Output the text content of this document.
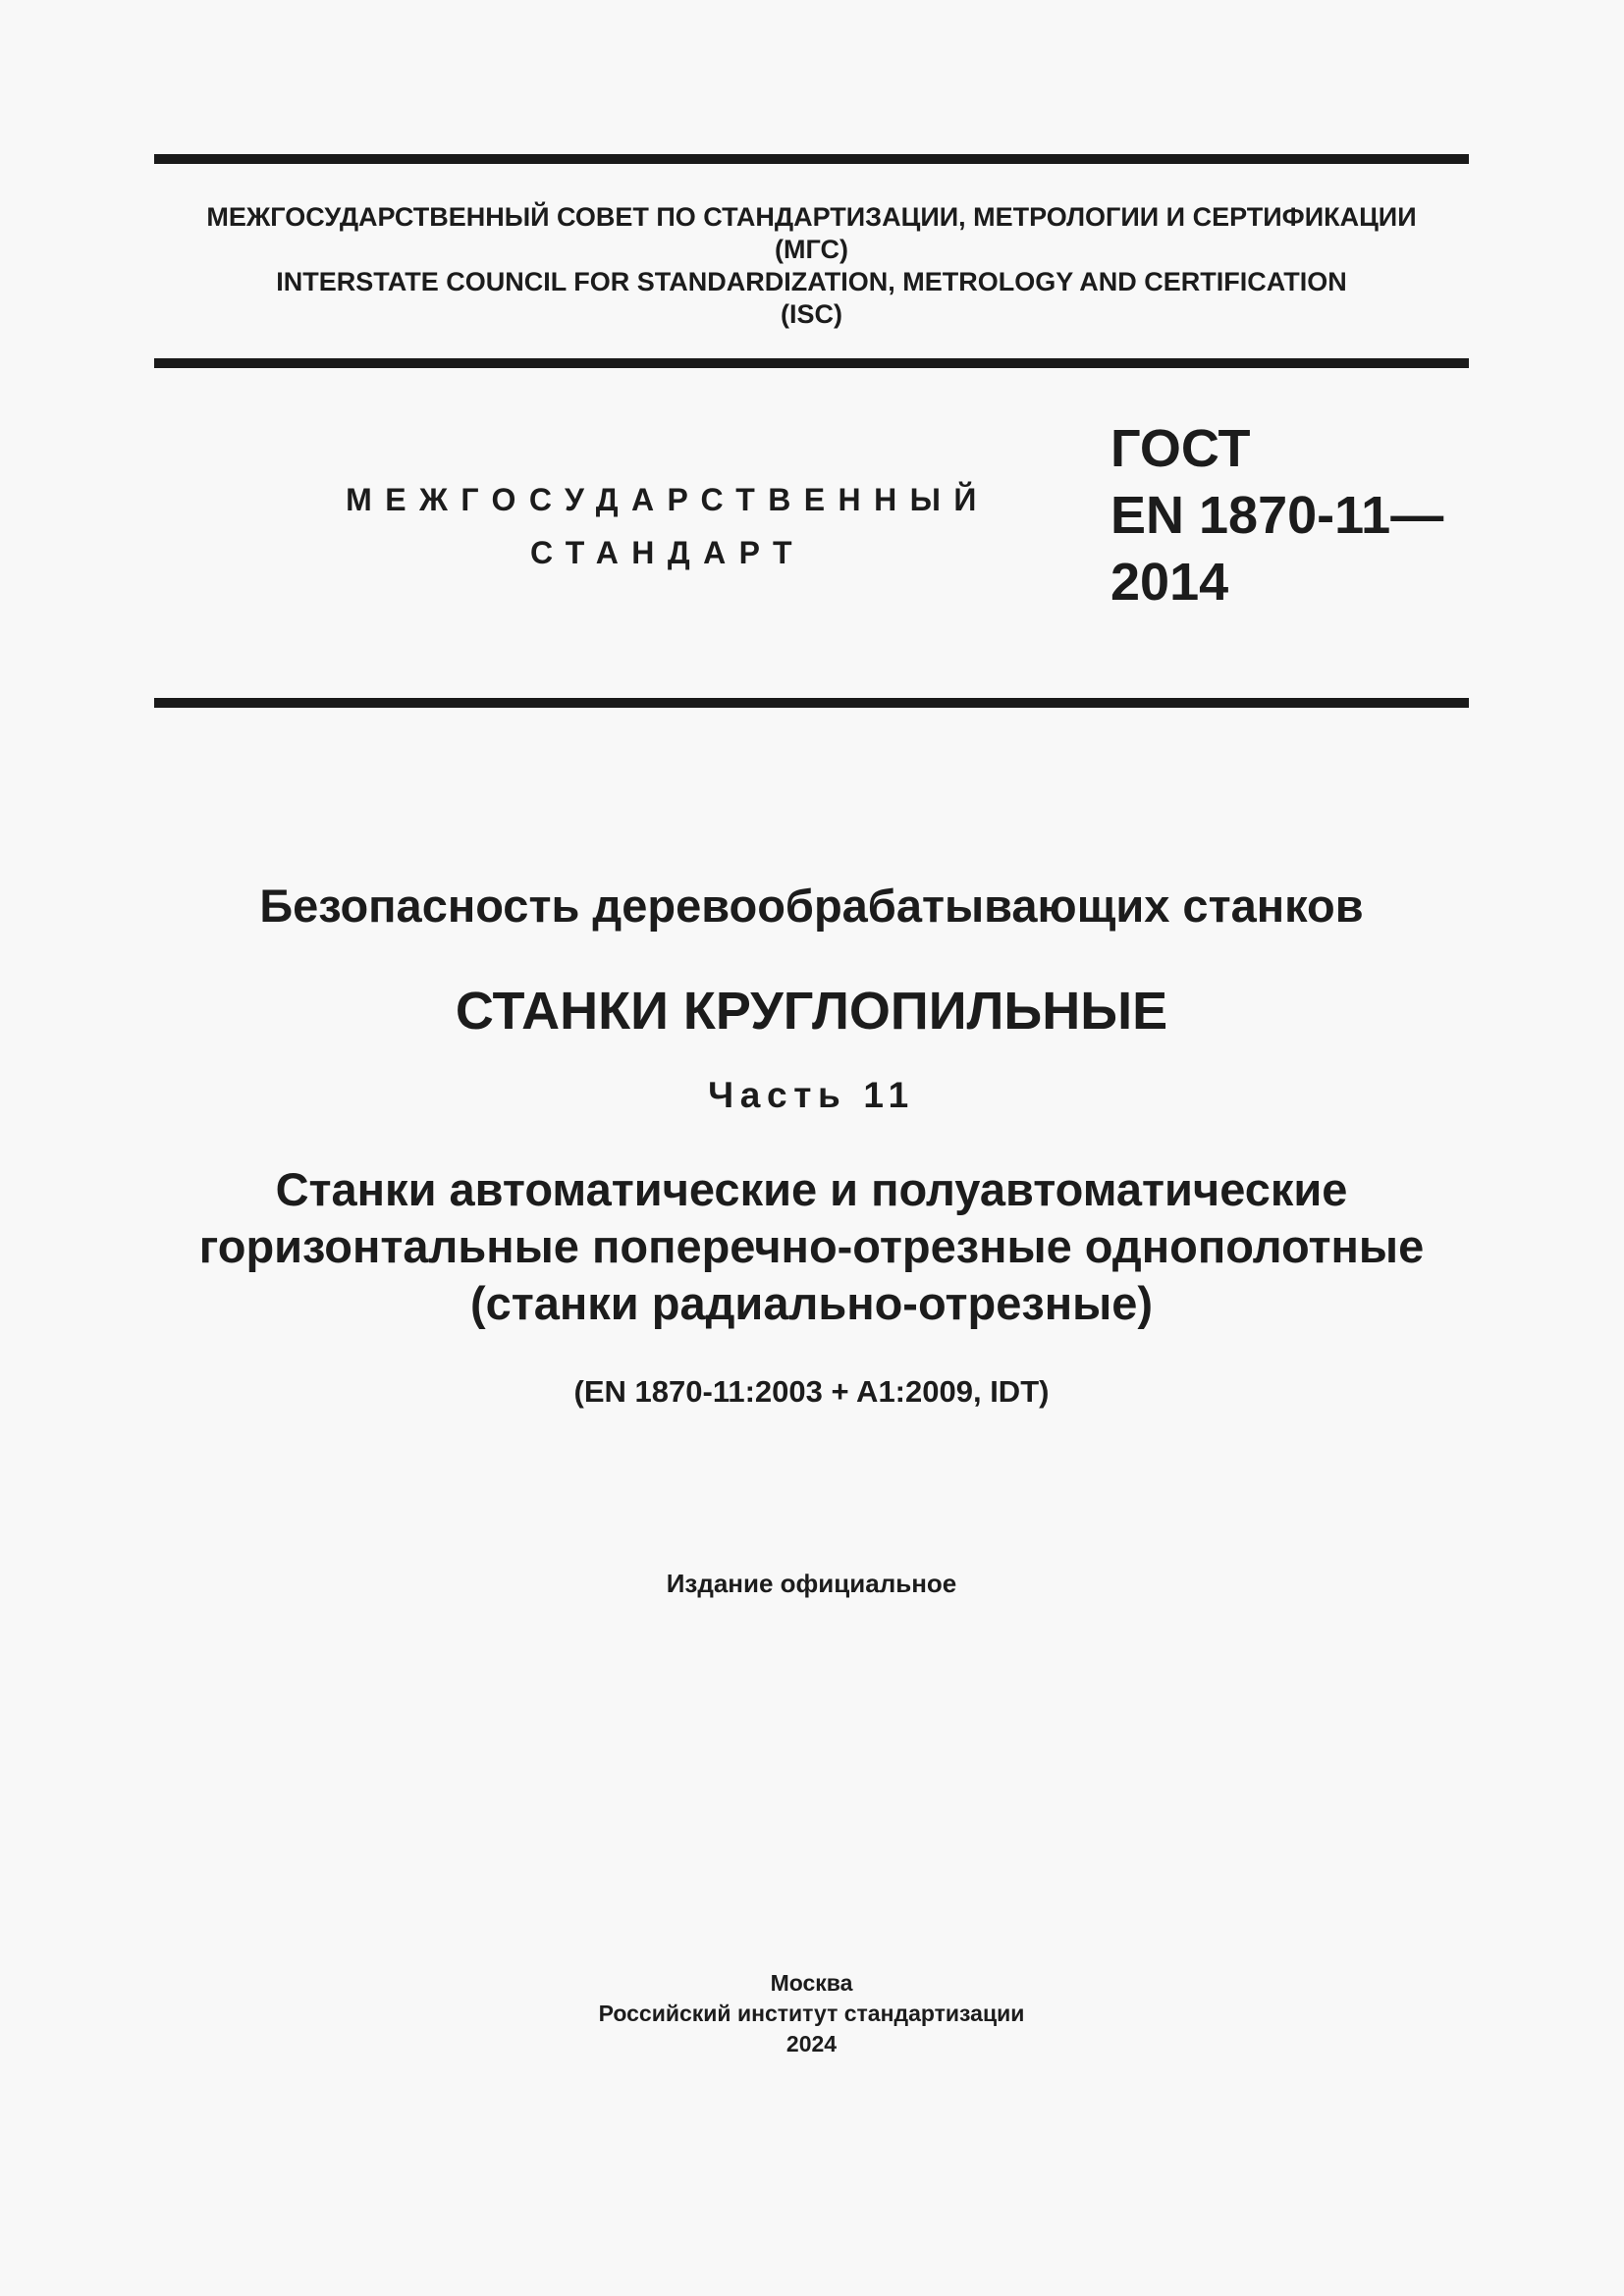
МЕЖГОСУДАРСТВЕННЫЙ СОВЕТ ПО СТАНДАРТИЗАЦИИ, МЕТРОЛОГИИ И СЕРТИФИКАЦИИ
(МГС)
INTERSTATE COUNCIL FOR STANDARDIZATION, METROLOGY AND CERTIFICATION
(ISC)
МЕЖГОСУДАРСТВЕННЫЙ
СТАНДАРТ
ГОСТ
EN 1870-11—
2014
Безопасность деревообрабатывающих станков
СТАНКИ КРУГЛОПИЛЬНЫЕ
Часть 11
Станки автоматические и полуавтоматические
горизонтальные поперечно-отрезные однополотные
(станки радиально-отрезные)
(EN 1870-11:2003 + A1:2009, IDT)
Издание официальное
Москва
Российский институт стандартизации
2024
